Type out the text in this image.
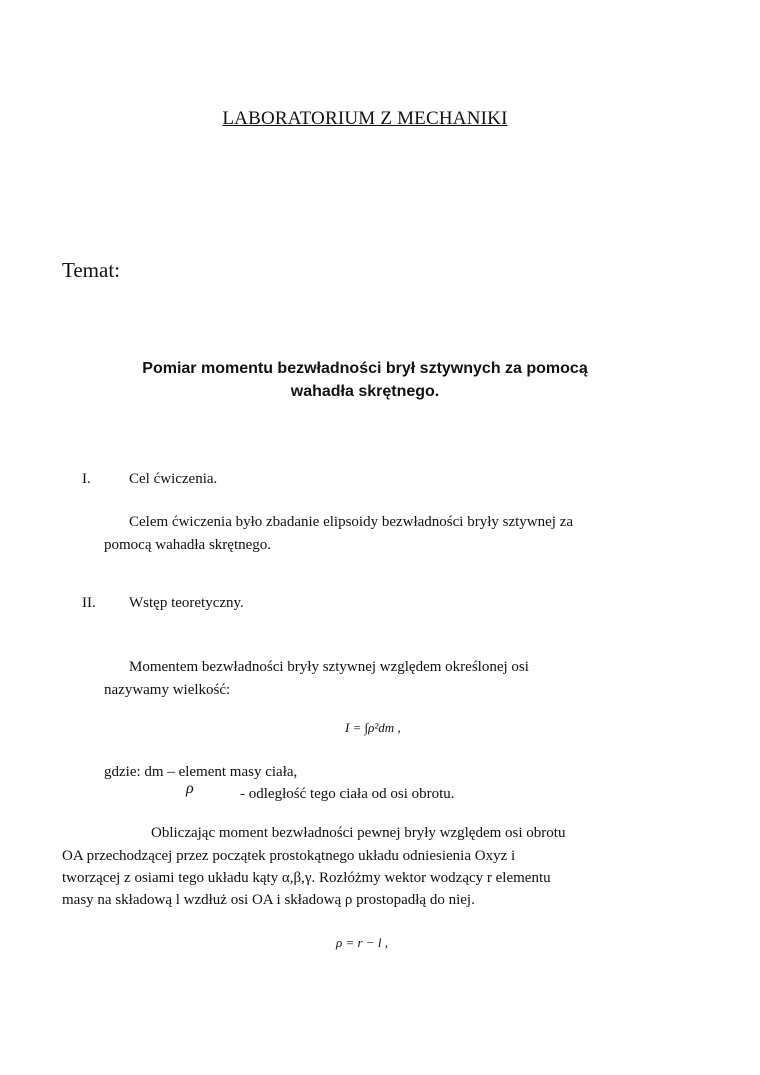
LABORATORIUM Z MECHANIKI
Temat:
Pomiar momentu bezwładności brył sztywnych za pomocą
wahadła skrętnego.
I.	Cel ćwiczenia.
Celem ćwiczenia było zbadanie elipsoidy bezwładności bryły sztywnej za
pomocą wahadła skrętnego.
II. Wstęp teoretyczny.
Momentem bezwładności bryły sztywnej względem określonej osi
nazywamy wielkość:
I = ∫ρ²dm ,
gdzie: dm – element masy ciała,
ρ	- odległość tego ciała od osi obrotu.
Obliczając moment bezwładności pewnej bryły względem osi obrotu
OA przechodzącej przez początek prostokątnego układu odniesienia Oxyz i
tworzącej z osiami tego układu kąty α,β,γ. Rozłóżmy wektor wodzący r elementu
masy na składową l wzdłuż osi OA i składową ρ prostopadłą do niej.
ρ = r − l ,
